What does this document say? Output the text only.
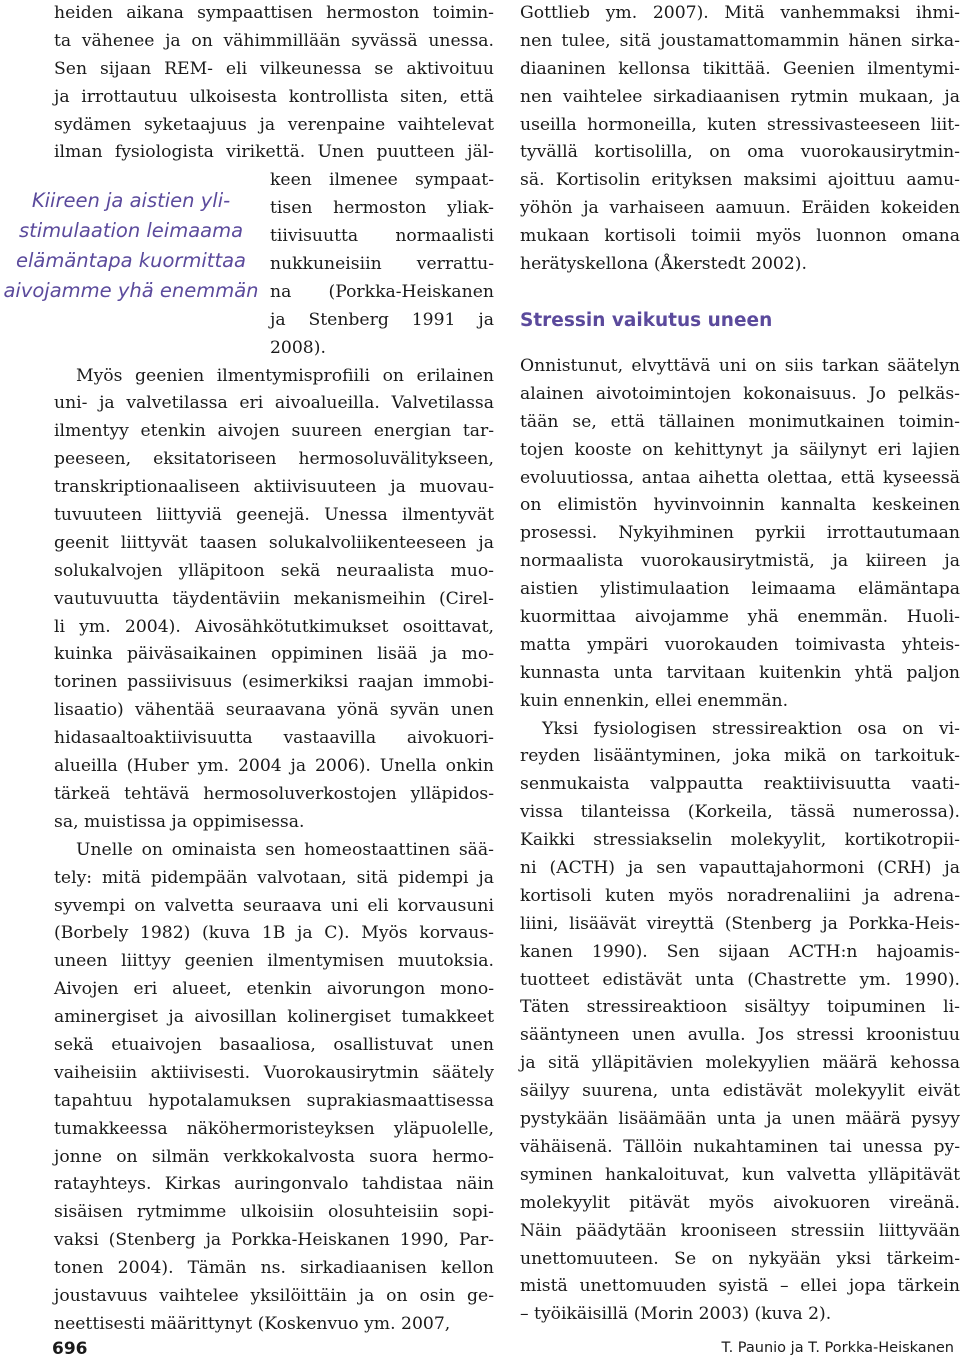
heiden aikana sympaattisen hermoston toimin-
ta vähenee ja on vähimmillään syvässä unessa.
Sen sijaan REM- eli vilkeunessa se aktivoituu
ja irrottautuu ulkoisesta kontrollista siten, että
sydämen syketaajuus ja verenpaine vaihtelevat
ilman fysiologista virikettä. Unen puutteen jäl-
keen ilmenee sympaat-
tisen hermoston yliak-
tiivisuutta normaalisti
nukkuneisiin verrattu-
na (Porkka-Heiskanen
ja Stenberg 1991 ja
2008).
Myös geenien ilmentymisprofiili on erilainen
uni- ja valvetilassa eri aivoalueilla. Valvetilassa
ilmentyy etenkin aivojen suureen energian tar-
peeseen, eksitatoriseen hermosoluvälitykseen,
transkriptionaaliseen aktiivisuuteen ja muovau-
tuvuuteen liittyviä geenejä. Unessa ilmentyvät
geenit liittyvät taasen solukalvoliikenteeseen ja
solukalvojen ylläpitoon sekä neuraalista muo-
vautuvuutta täydentäviin mekanismeihin (Cirel-
li ym. 2004). Aivosähkötutkimukset osoittavat,
kuinka päiväsaikainen oppiminen lisää ja mo-
torinen passiivisuus (esimerkiksi raajan immobi-
lisaatio) vähentää seuraavana yönä syvän unen
hidasaaltoaktiivisuutta vastaavilla aivokuori-
alueilla (Huber ym. 2004 ja 2006). Unella onkin
tärkeä tehtävä hermosoluverkostojen ylläpidos-
sa, muistissa ja oppimisessa.
Unelle on ominaista sen homeostaattinen sää-
tely: mitä pidempään valvotaan, sitä pidempi ja
syvempi on valvetta seuraava uni eli korvausuni
(Borbely 1982) (kuva 1B ja C). Myös korvaus-
uneen liittyy geenien ilmentymisen muutoksia.
Aivojen eri alueet, etenkin aivorungon mono-
aminergiset ja aivosillan kolinergiset tumakkeet
sekä etuaivojen basaaliosa, osallistuvat unen
vaiheisiin aktiivisesti. Vuorokausirytmin säätely
tapahtuu hypotalamuksen suprakiasmaattisessa
tumakkeessa näköhermoristeyksen yläpuolelle,
jonne on silmän verkkokalvosta suora hermo-
ratayhteys. Kirkas auringonvalo tahdistaa näin
sisäisen rytmimme ulkoisiin olosuhteisiin sopi-
vaksi (Stenberg ja Porkka-Heiskanen 1990, Par-
tonen 2004). Tämän ns. sirkadiaanisen kellon
joustavuus vaihtelee yksilöittäin ja on osin ge-
neettisesti määrittynyt (Koskenvuo ym. 2007,
Kiireen ja aistien yli-
stimulaation leimaama
elämäntapa kuormittaa
aivojamme yhä enemmän
Gottlieb ym. 2007). Mitä vanhemmaksi ihmi-
nen tulee, sitä joustamattomammin hänen sirka-
diaaninen kellonsa tikittää. Geenien ilmentymi-
nen vaihtelee sirkadiaanisen rytmin mukaan, ja
useilla hormoneilla, kuten stressivasteeseen liit-
tyvällä kortisolilla, on oma vuorokausirytmin-
sä. Kortisolin erityksen maksimi ajoittuu aamu-
yöhön ja varhaiseen aamuun. Eräiden kokeiden
mukaan kortisoli toimii myös luonnon omana
herätyskellona (Åkerstedt 2002).
Onnistunut, elvyttävä uni on siis tarkan säätelyn
alainen aivotoimintojen kokonaisuus. Jo pelkäs-
tään se, että tällainen monimutkainen toimin-
tojen kooste on kehittynyt ja säilynyt eri lajien
evoluutiossa, antaa aihetta olettaa, että kyseessä
on elimistön hyvinvoinnin kannalta keskeinen
prosessi. Nykyihminen pyrkii irrottautumaan
normaalista vuorokausirytmistä, ja kiireen ja
aistien ylistimulaation leimaama elämäntapa
kuormittaa aivojamme yhä enemmän. Huoli-
matta ympäri vuorokauden toimivasta yhteis-
kunnasta unta tarvitaan kuitenkin yhtä paljon
kuin ennenkin, ellei enemmän.
Yksi fysiologisen stressireaktion osa on vi-
reyden lisääntyminen, joka mikä on tarkoituk-
senmukaista valppautta reaktiivisuutta vaati-
vissa tilanteissa (Korkeila, tässä numerossa).
Kaikki stressiakselin molekyylit, kortikotropii-
ni (ACTH) ja sen vapauttajahormoni (CRH) ja
kortisoli kuten myös noradrenaliini ja adrena-
liini, lisäävät vireyttä (Stenberg ja Porkka-Heis-
kanen 1990). Sen sijaan ACTH:n hajoamis-
tuotteet edistävät unta (Chastrette ym. 1990).
Täten stressireaktioon sisältyy toipuminen li-
sääntyneen unen avulla. Jos stressi kroonistuu
ja sitä ylläpitävien molekyylien määrä kehossa
säilyy suurena, unta edistävät molekyylit eivät
pystykään lisäämään unta ja unen määrä pysyy
vähäisenä. Tällöin nukahtaminen tai unessa py-
syminen hankaloituvat, kun valvetta ylläpitävät
molekyylit pitävät myös aivokuoren vireänä.
Näin päädytään krooniseen stressiin liittyvään
unettomuuteen. Se on nykyään yksi tärkeim-
mistä unettomuuden syistä – ellei jopa tärkein
– työikäisillä (Morin 2003) (kuva 2).
Stressin vaikutus uneen
696	T. Paunio ja T. Porkka-Heiskanen
